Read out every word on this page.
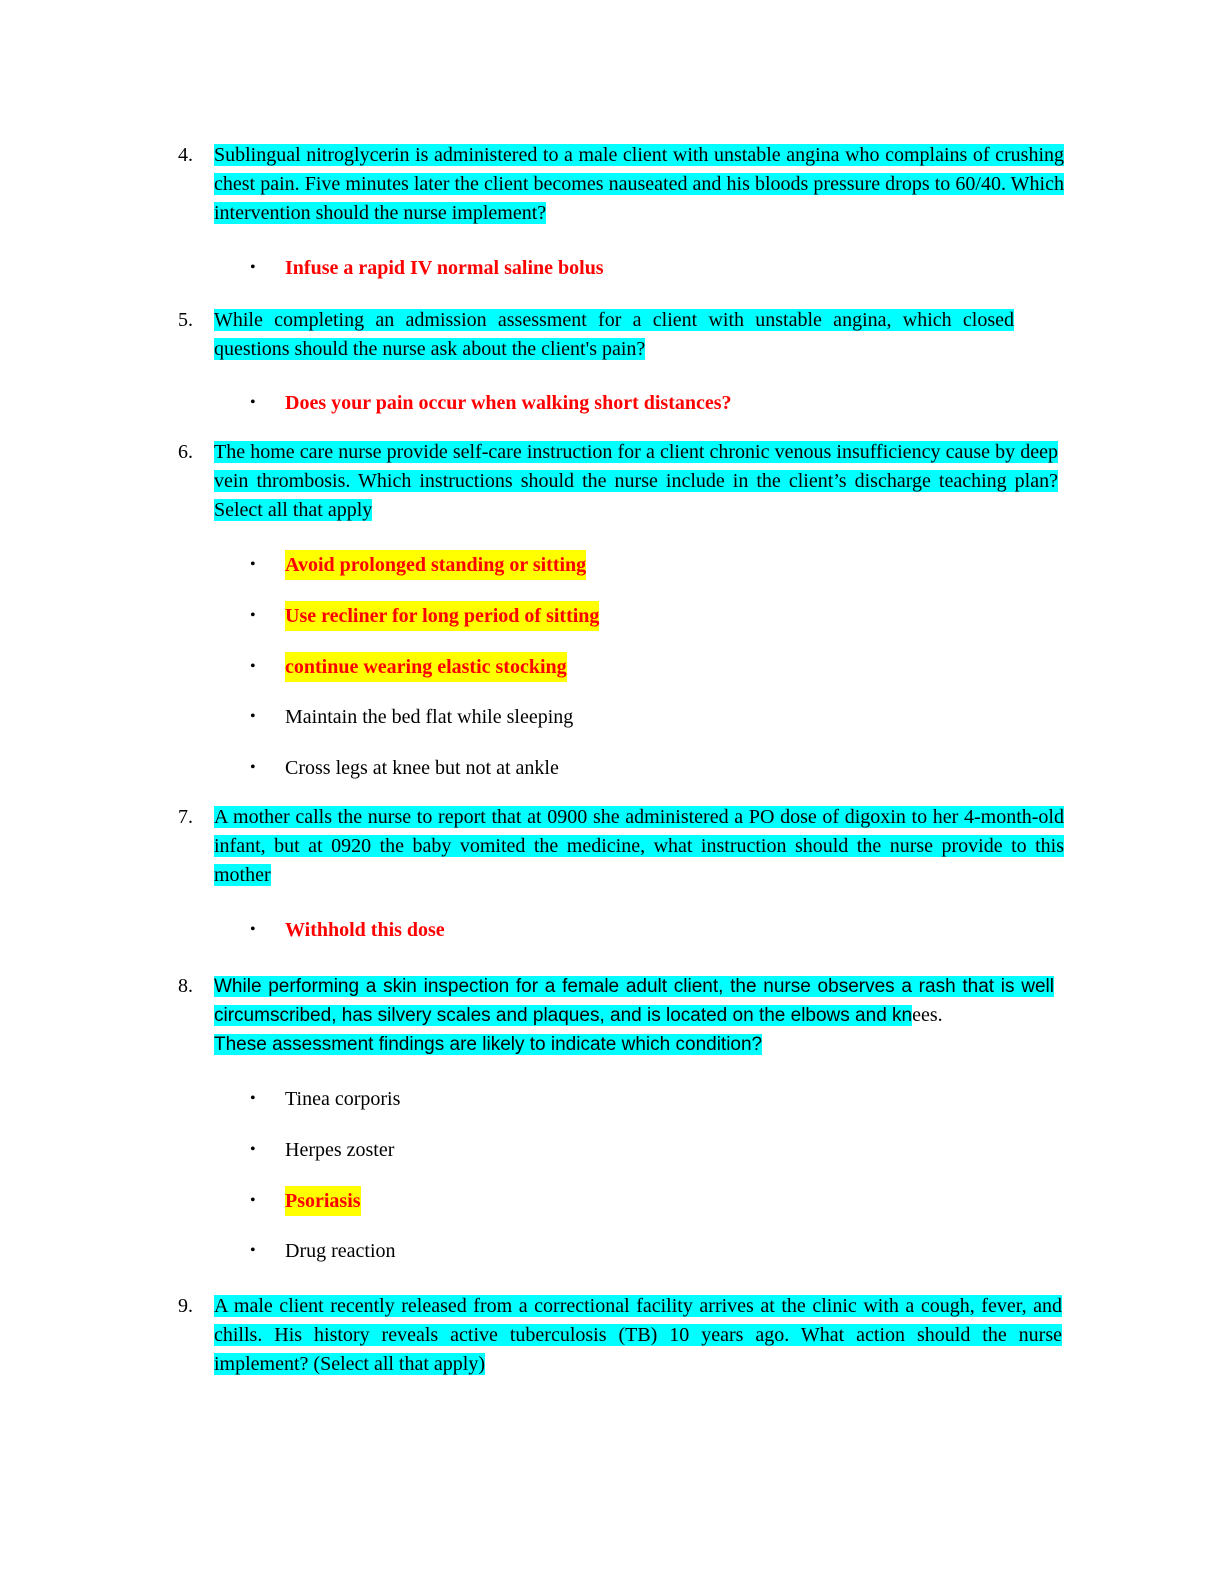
4. Sublingual nitroglycerin is administered to a male client with unstable angina who complains of crushing chest pain. Five minutes later the client becomes nauseated and his bloods pressure drops to 60/40. Which intervention should the nurse implement?
• Infuse a rapid IV normal saline bolus
5. While completing an admission assessment for a client with unstable angina, which closed questions should the nurse ask about the client's pain?
• Does your pain occur when walking short distances?
6. The home care nurse provide self-care instruction for a client chronic venous insufficiency cause by deep vein thrombosis. Which instructions should the nurse include in the client’s discharge teaching plan? Select all that apply
• Avoid prolonged standing or sitting
• Use recliner for long period of sitting
• continue wearing elastic stocking
• Maintain the bed flat while sleeping
• Cross legs at knee but not at ankle
7. A mother calls the nurse to report that at 0900 she administered a PO dose of digoxin to her 4-month-old infant, but at 0920 the baby vomited the medicine, what instruction should the nurse provide to this mother
• Withhold this dose
8. While performing a skin inspection for a female adult client, the nurse observes a rash that is well circumscribed, has silvery scales and plaques, and is located on the elbows and knees.
These assessment findings are likely to indicate which condition?
• Tinea corporis
• Herpes zoster
• Psoriasis
• Drug reaction
9. A male client recently released from a correctional facility arrives at the clinic with a cough, fever, and chills. His history reveals active tuberculosis (TB) 10 years ago. What action should the nurse implement? (Select all that apply)
